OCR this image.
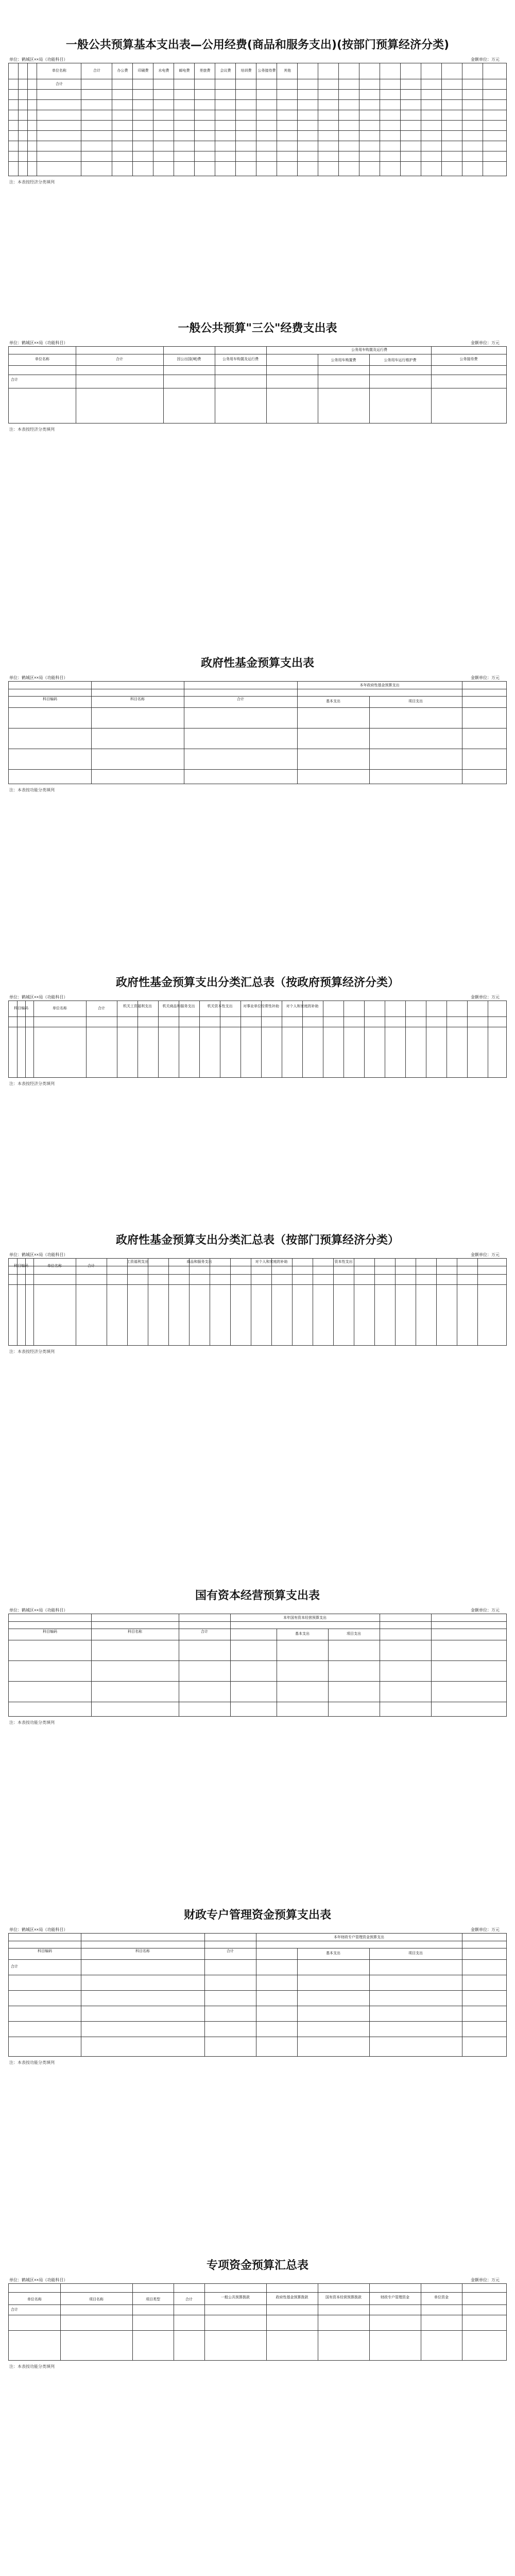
一般公共预算基本支出表—公用经费(商品和服务支出)(按部门预算经济分类)
单位：鹤城区××局（功能科目）	金额单位：万元
单位名称	合计	办公费	印刷费	水电费	邮电费	差旅费	会议费	培训费	公务接待费	其他
合计
注：本表按经济分类填列
一般公共预算"三公"经费支出表
单位：鹤城区××局（功能科目）	金额单位：万元
单位名称	合计	因公出国(境)费	公务用车购置及运行费
公务用车购置及运行费
公务用车购置费	公务用车运行维护费	公务接待费
合计
注：本表按经济分类填列
政府性基金预算支出表
单位：鹤城区××局（功能科目）	金额单位：万元
科目编码	科目名称	合计
本年政府性基金预算支出
基本支出	项目支出
注：本表按功能分类填列
政府性基金预算支出分类汇总表（按政府预算经济分类）
单位：鹤城区××局（功能科目）	金额单位：万元
科目编码	单位名称	合计
机关工资福利支出	机关商品和服务支出	机关资本性支出	对事业单位经常性补助	对个人和家庭的补助
注：本表按经济分类填列
政府性基金预算支出分类汇总表（按部门预算经济分类）
单位：鹤城区××局（功能科目）	金额单位：万元
科目编码	单位名称	合计
工资福利支出	商品和服务支出	对个人和家庭的补助	资本性支出
注：本表按经济分类填列
国有资本经营预算支出表
单位：鹤城区××局（功能科目）	金额单位：万元
科目编码	科目名称	合计
本年国有资本经营预算支出
基本支出	项目支出
注：本表按功能分类填列
财政专户管理资金预算支出表
单位：鹤城区××局（功能科目）	金额单位：万元
科目编码	科目名称	合计
本年财政专户管理资金预算支出
基本支出	项目支出
合计
注：本表按功能分类填列
专项资金预算汇总表
单位：鹤城区××局（功能科目）	金额单位：万元
单位名称	项目名称	项目类型	合计
一般公共预算拨款	政府性基金预算拨款	国有资本经营预算拨款	财政专户管理资金	单位资金
合计
注：本表按功能分类填列
